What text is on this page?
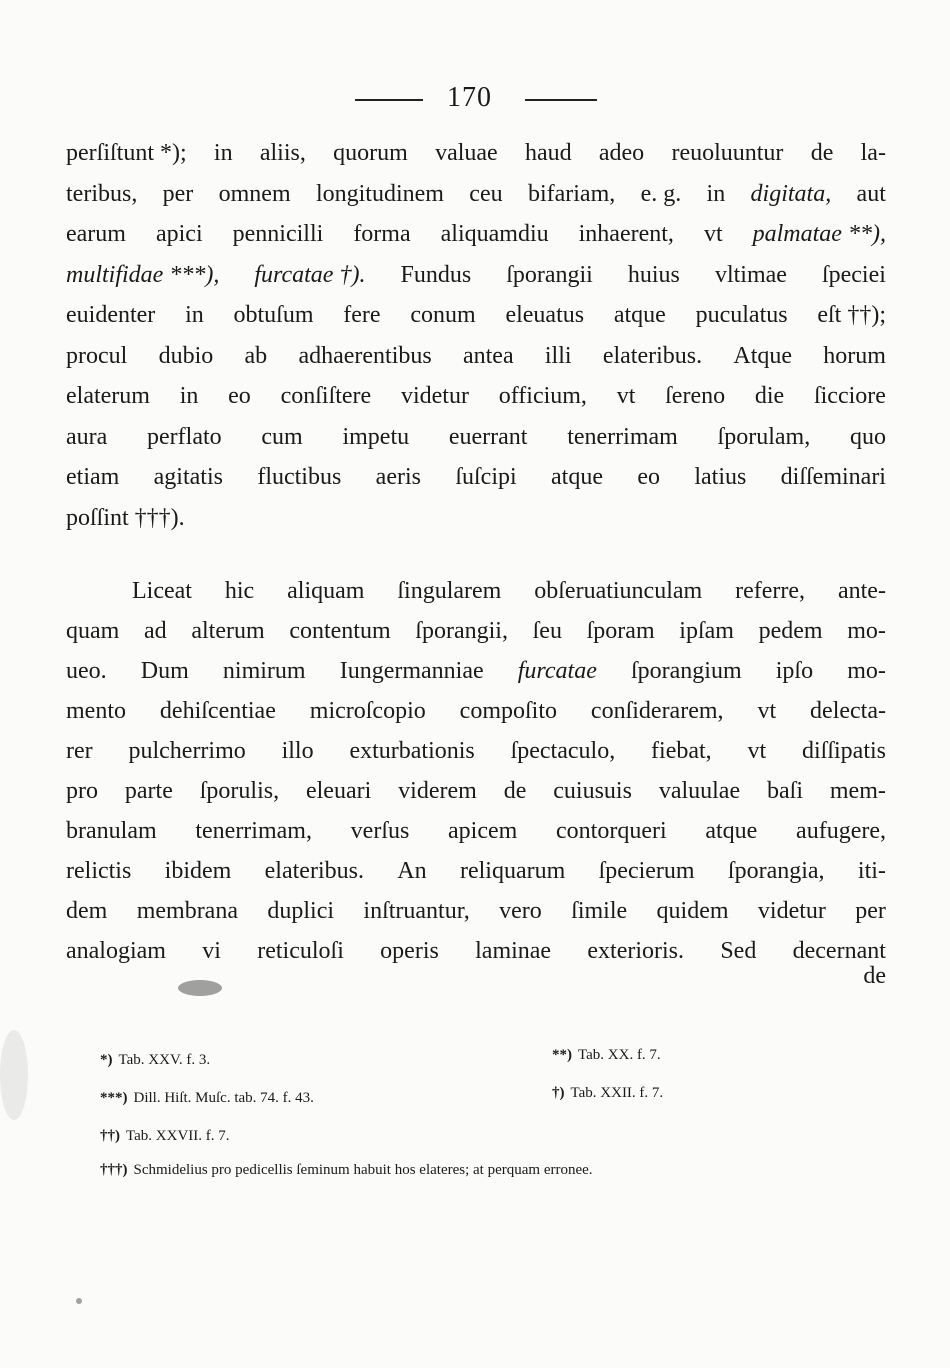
170
perſiſtunt *); in aliis, quorum valuae haud adeo reuoluuntur de la-
teribus, per omnem longitudinem ceu bifariam, e. g. in digitata, aut
earum apici pennicilli forma aliquamdiu inhaerent, vt palmatae **),
multifidae ***), furcatae †). Fundus ſporangii huius vltimae ſpeciei
euidenter in obtuſum fere conum eleuatus atque puculatus eſt ††);
procul dubio ab adhaerentibus antea illi elateribus. Atque horum
elaterum in eo conſiſtere videtur officium, vt ſereno die ſicciore
aura perflato cum impetu euerrant tenerrimam ſporulam, quo
etiam agitatis fluctibus aeris ſuſcipi atque eo latius diſſeminari
poſſint †††).
Liceat hic aliquam ſingularem obſeruatiunculam referre, ante-
quam ad alterum contentum ſporangii, ſeu ſporam ipſam pedem mo-
ueo. Dum nimirum Iungermanniae furcatae ſporangium ipſo mo-
mento dehiſcentiae microſcopio compoſito conſiderarem, vt delecta-
rer pulcherrimo illo exturbationis ſpectaculo, fiebat, vt diſſipatis
pro parte ſporulis, eleuari viderem de cuiusuis valuulae baſi mem-
branulam tenerrimam, verſus apicem contorqueri atque aufugere,
relictis ibidem elateribus. An reliquarum ſpecierum ſporangia, iti-
dem membrana duplici inſtruantur, vero ſimile quidem videtur per
analogiam vi reticuloſi operis laminae exterioris. Sed decernant
de
*) Tab. XXV. f. 3.	**) Tab. XX. f. 7.
***) Dill. Hiſt. Muſc. tab. 74. f. 43.	†) Tab. XXII. f. 7.
††) Tab. XXVII. f. 7.
†††) Schmidelius pro pedicellis ſeminum habuit hos elateres; at perquam erronee.
